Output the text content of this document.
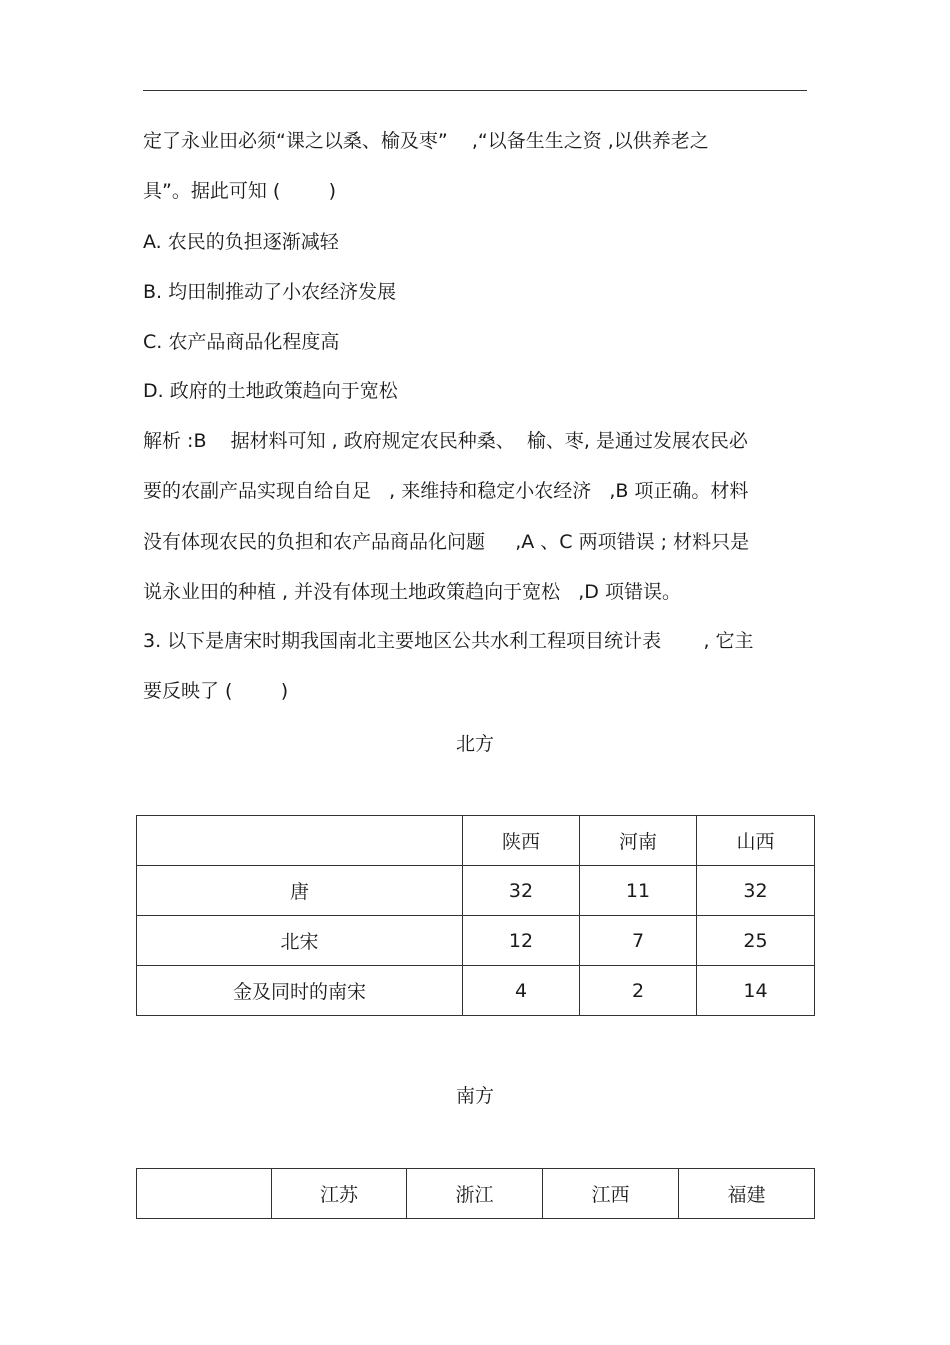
定了永业田必须“课之以桑、榆及枣”    ,“以备生生之资 ,以供养老之
具”。据此可知 (        )
A. 农民的负担逐渐减轻
B. 均田制推动了小农经济发展
C. 农产品商品化程度高
D. 政府的土地政策趋向于宽松
解析 :B    据材料可知 , 政府规定农民种桑、  榆、枣, 是通过发展农民必
要的农副产品实现自给自足   , 来维持和稳定小农经济   ,B 项正确。材料
没有体现农民的负担和农产品商品化问题     ,A 、C 两项错误 ; 材料只是
说永业田的种植 , 并没有体现土地政策趋向于宽松   ,D 项错误。
3. 以下是唐宋时期我国南北主要地区公共水利工程项目统计表       , 它主
要反映了 (        )
北方
	陕西	河南	山西
唐	32	11	32
北宋	12	7	25
金及同时的南宋	4	2	14
南方
	江苏	浙江	江西	福建
